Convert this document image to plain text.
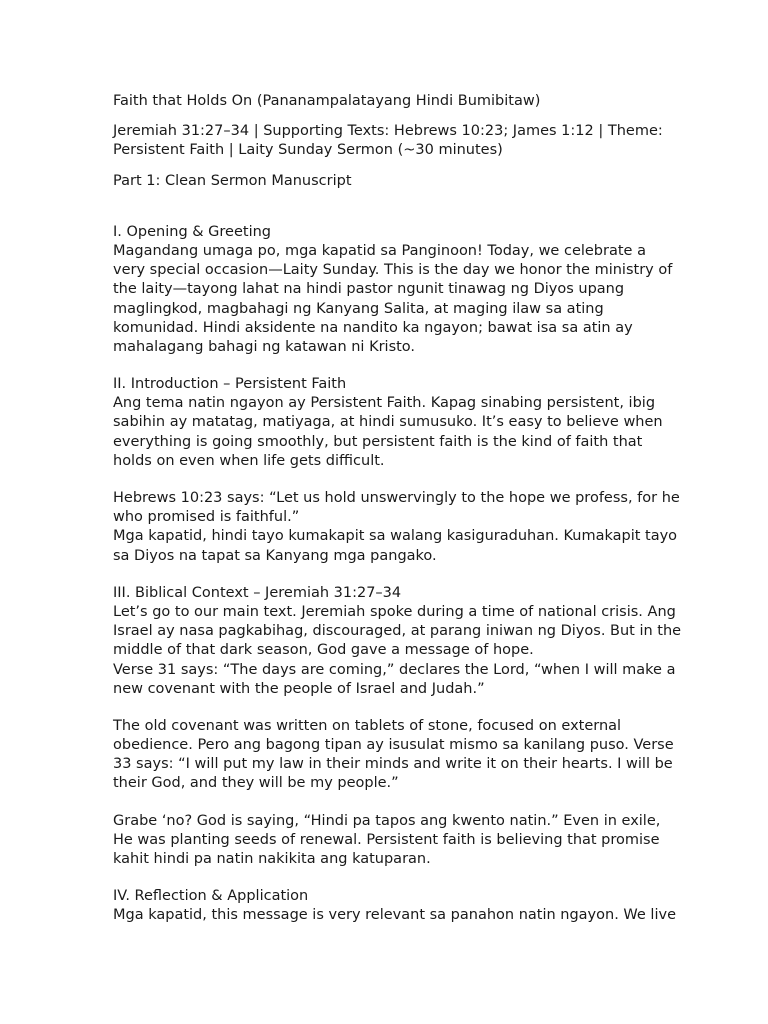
Faith that Holds On (Pananampalatayang Hindi Bumibitaw)
Jeremiah 31:27–34 | Supporting Texts: Hebrews 10:23; James 1:12 | Theme:
Persistent Faith | Laity Sunday Sermon (~30 minutes)
Part 1: Clean Sermon Manuscript
I. Opening & Greeting
Magandang umaga po, mga kapatid sa Panginoon! Today, we celebrate a
very special occasion—Laity Sunday. This is the day we honor the ministry of
the laity—tayong lahat na hindi pastor ngunit tinawag ng Diyos upang
maglingkod, magbahagi ng Kanyang Salita, at maging ilaw sa ating
komunidad. Hindi aksidente na nandito ka ngayon; bawat isa sa atin ay
mahalagang bahagi ng katawan ni Kristo.
II. Introduction – Persistent Faith
Ang tema natin ngayon ay Persistent Faith. Kapag sinabing persistent, ibig
sabihin ay matatag, matiyaga, at hindi sumusuko. It’s easy to believe when
everything is going smoothly, but persistent faith is the kind of faith that
holds on even when life gets difficult.
Hebrews 10:23 says: “Let us hold unswervingly to the hope we profess, for he
who promised is faithful.”
Mga kapatid, hindi tayo kumakapit sa walang kasiguraduhan. Kumakapit tayo
sa Diyos na tapat sa Kanyang mga pangako.
III. Biblical Context – Jeremiah 31:27–34
Let’s go to our main text. Jeremiah spoke during a time of national crisis. Ang
Israel ay nasa pagkabihag, discouraged, at parang iniwan ng Diyos. But in the
middle of that dark season, God gave a message of hope.
Verse 31 says: “The days are coming,” declares the Lord, “when I will make a
new covenant with the people of Israel and Judah.”
The old covenant was written on tablets of stone, focused on external
obedience. Pero ang bagong tipan ay isusulat mismo sa kanilang puso. Verse
33 says: “I will put my law in their minds and write it on their hearts. I will be
their God, and they will be my people.”
Grabe ‘no? God is saying, “Hindi pa tapos ang kwento natin.” Even in exile,
He was planting seeds of renewal. Persistent faith is believing that promise
kahit hindi pa natin nakikita ang katuparan.
IV. Reflection & Application
Mga kapatid, this message is very relevant sa panahon natin ngayon. We live
